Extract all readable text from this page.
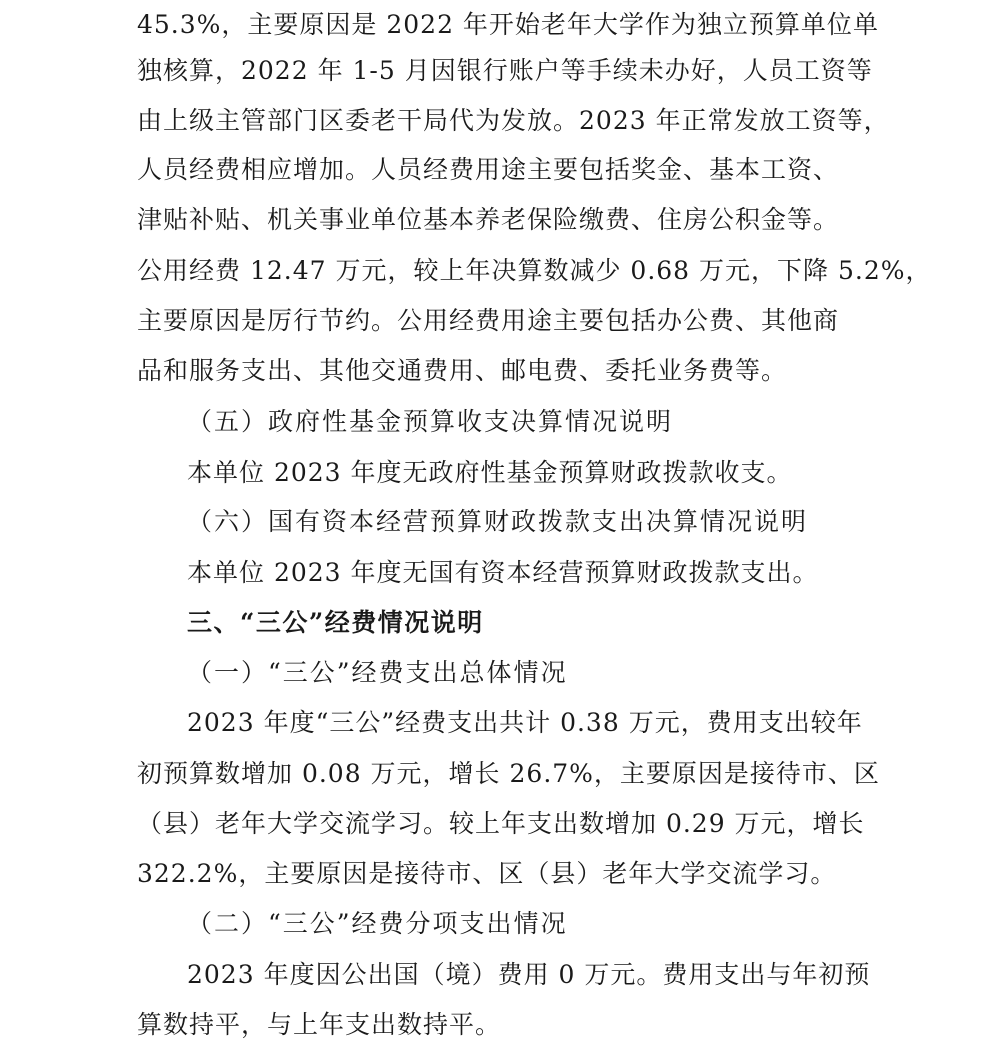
45.3%，主要原因是 2022 年开始老年大学作为独立预算单位单
独核算，2022 年 1-5 月因银行账户等手续未办好，人员工资等
由上级主管部门区委老干局代为发放。2023 年正常发放工资等，
人员经费相应增加。人员经费用途主要包括奖金、基本工资、
津贴补贴、机关事业单位基本养老保险缴费、住房公积金等。
公用经费 12.47 万元，较上年决算数减少 0.68 万元，下降 5.2%，
主要原因是厉行节约。公用经费用途主要包括办公费、其他商
品和服务支出、其他交通费用、邮电费、委托业务费等。
（五）政府性基金预算收支决算情况说明
本单位 2023 年度无政府性基金预算财政拨款收支。
（六）国有资本经营预算财政拨款支出决算情况说明
本单位 2023 年度无国有资本经营预算财政拨款支出。
三、“三公”经费情况说明
（一）“三公”经费支出总体情况
2023 年度“三公”经费支出共计 0.38 万元，费用支出较年
初预算数增加 0.08 万元，增长 26.7%，主要原因是接待市、区
（县）老年大学交流学习。较上年支出数增加 0.29 万元，增长
322.2%，主要原因是接待市、区（县）老年大学交流学习。
（二）“三公”经费分项支出情况
2023 年度因公出国（境）费用 0 万元。费用支出与年初预
算数持平，与上年支出数持平。
